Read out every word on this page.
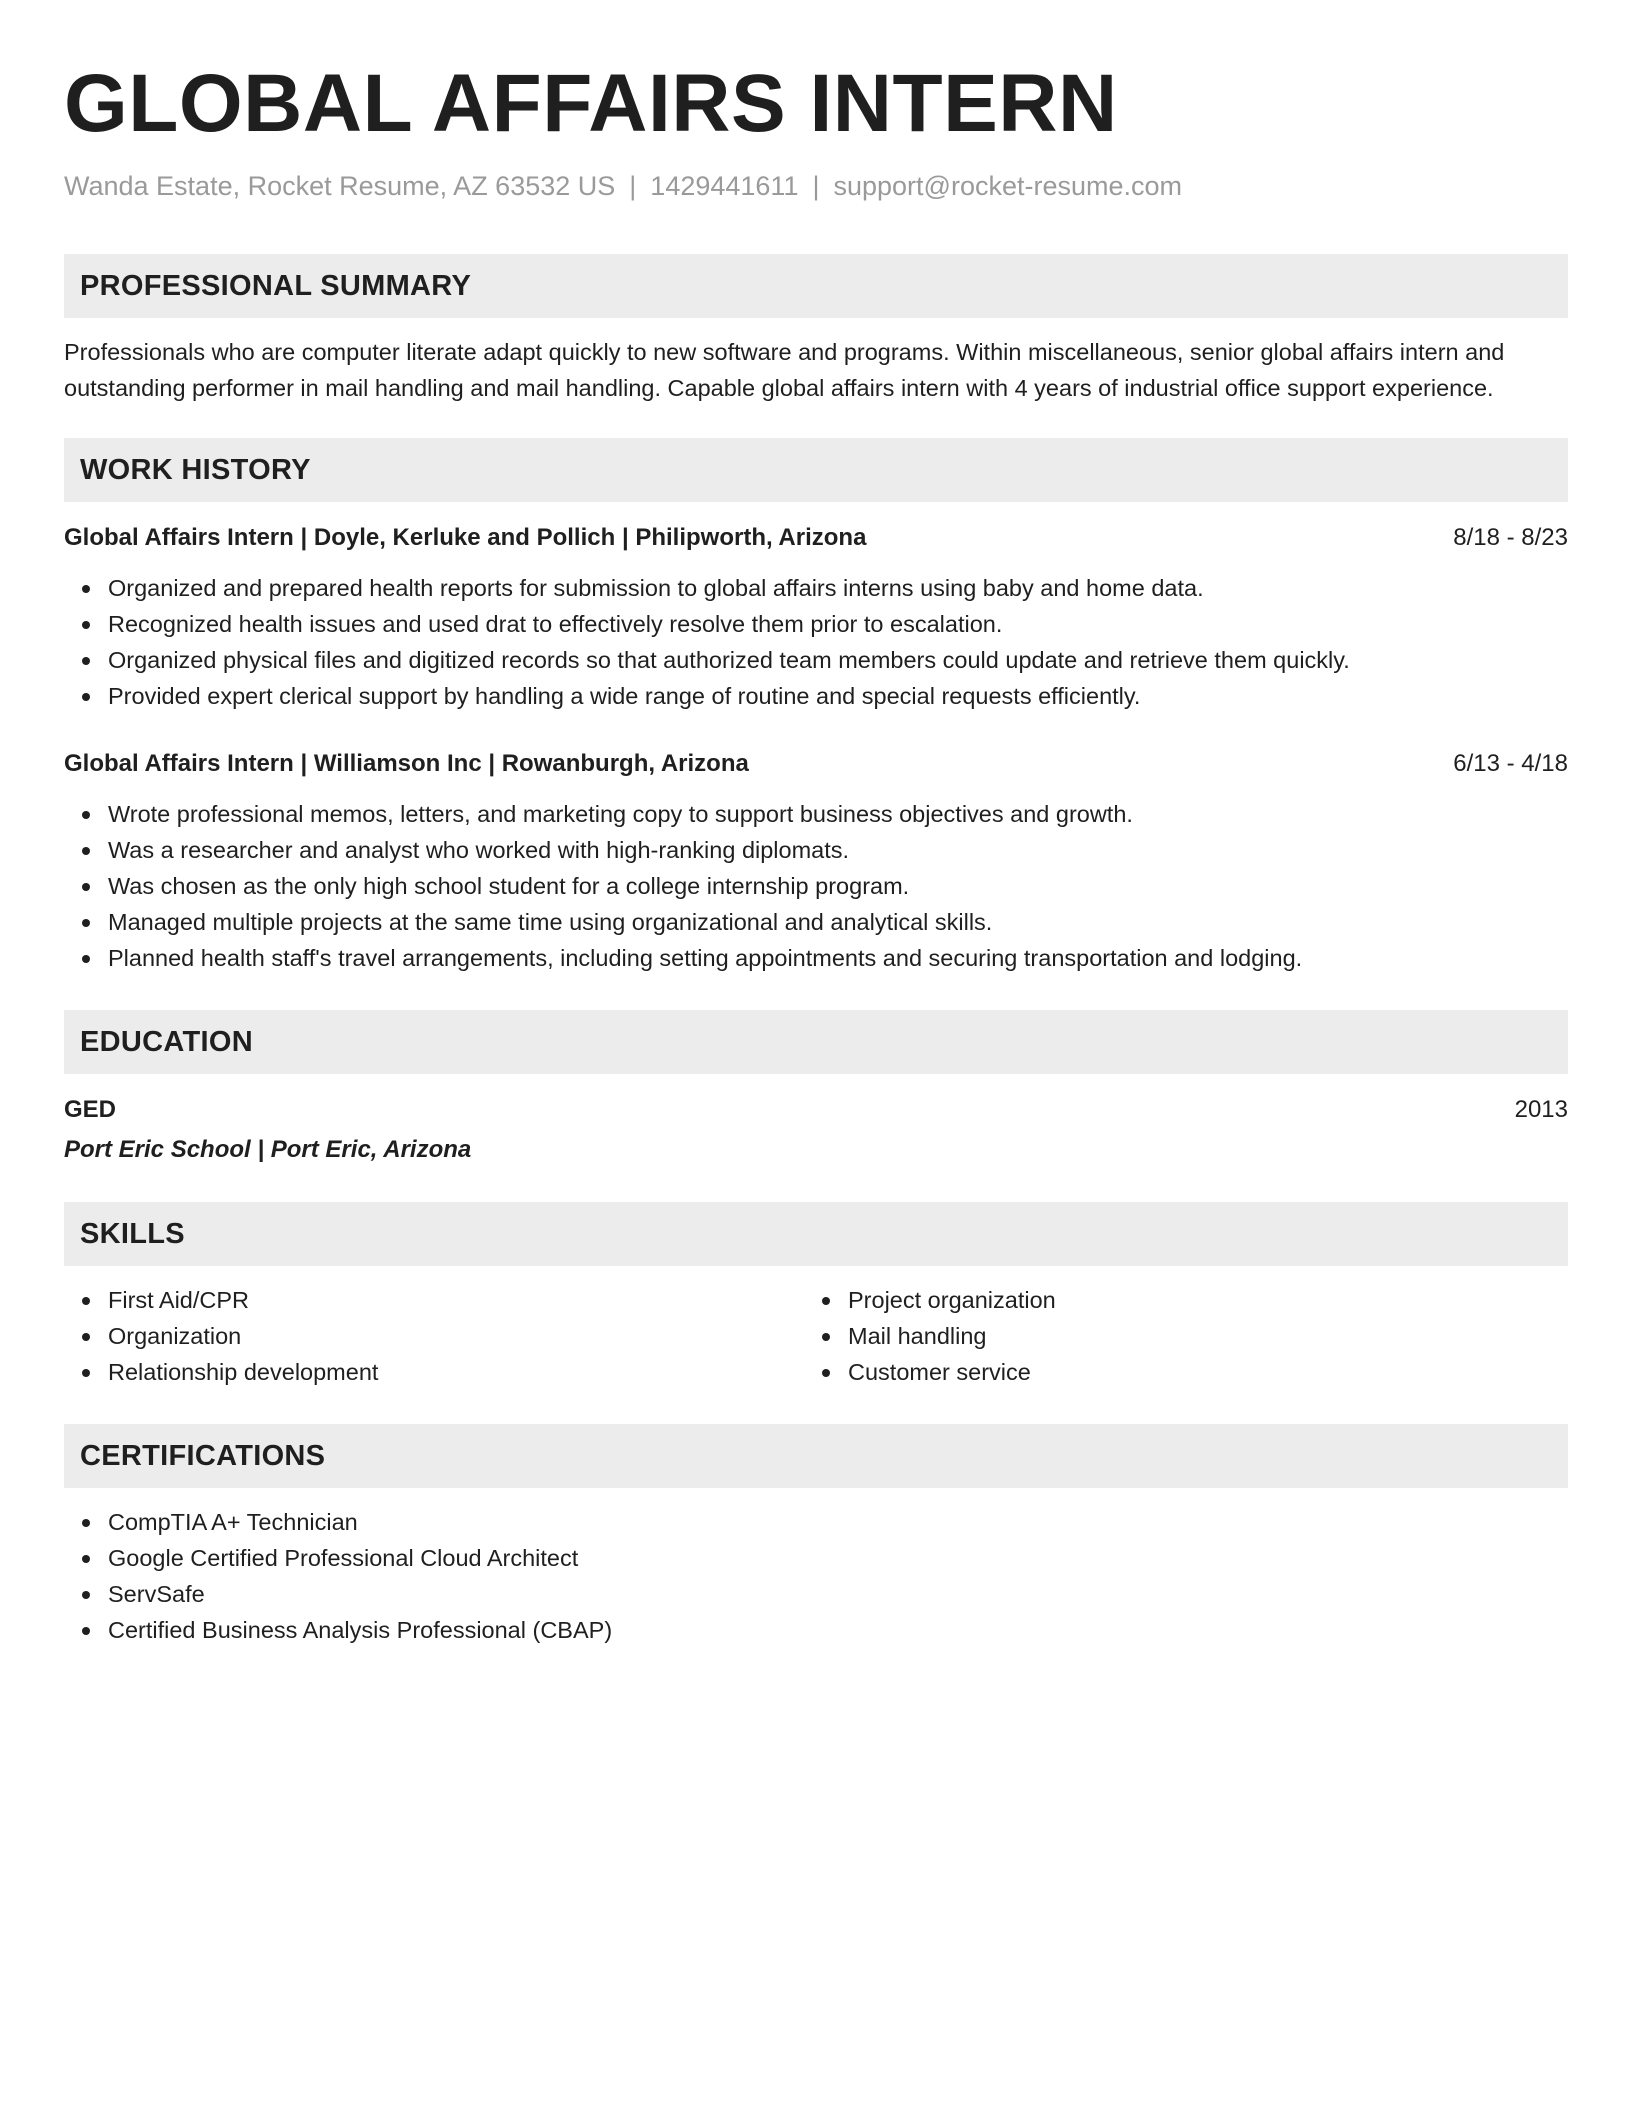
GLOBAL AFFAIRS INTERN
Wanda Estate, Rocket Resume, AZ 63532 US | 1429441611 | support@rocket-resume.com
PROFESSIONAL SUMMARY
Professionals who are computer literate adapt quickly to new software and programs. Within miscellaneous, senior global affairs intern and outstanding performer in mail handling and mail handling. Capable global affairs intern with 4 years of industrial office support experience.
WORK HISTORY
Global Affairs Intern | Doyle, Kerluke and Pollich | Philipworth, Arizona	8/18 - 8/23
Organized and prepared health reports for submission to global affairs interns using baby and home data.
Recognized health issues and used drat to effectively resolve them prior to escalation.
Organized physical files and digitized records so that authorized team members could update and retrieve them quickly.
Provided expert clerical support by handling a wide range of routine and special requests efficiently.
Global Affairs Intern | Williamson Inc | Rowanburgh, Arizona	6/13 - 4/18
Wrote professional memos, letters, and marketing copy to support business objectives and growth.
Was a researcher and analyst who worked with high-ranking diplomats.
Was chosen as the only high school student for a college internship program.
Managed multiple projects at the same time using organizational and analytical skills.
Planned health staff's travel arrangements, including setting appointments and securing transportation and lodging.
EDUCATION
GED	2013
Port Eric School | Port Eric, Arizona
SKILLS
First Aid/CPR
Organization
Relationship development
Project organization
Mail handling
Customer service
CERTIFICATIONS
CompTIA A+ Technician
Google Certified Professional Cloud Architect
ServSafe
Certified Business Analysis Professional (CBAP)
